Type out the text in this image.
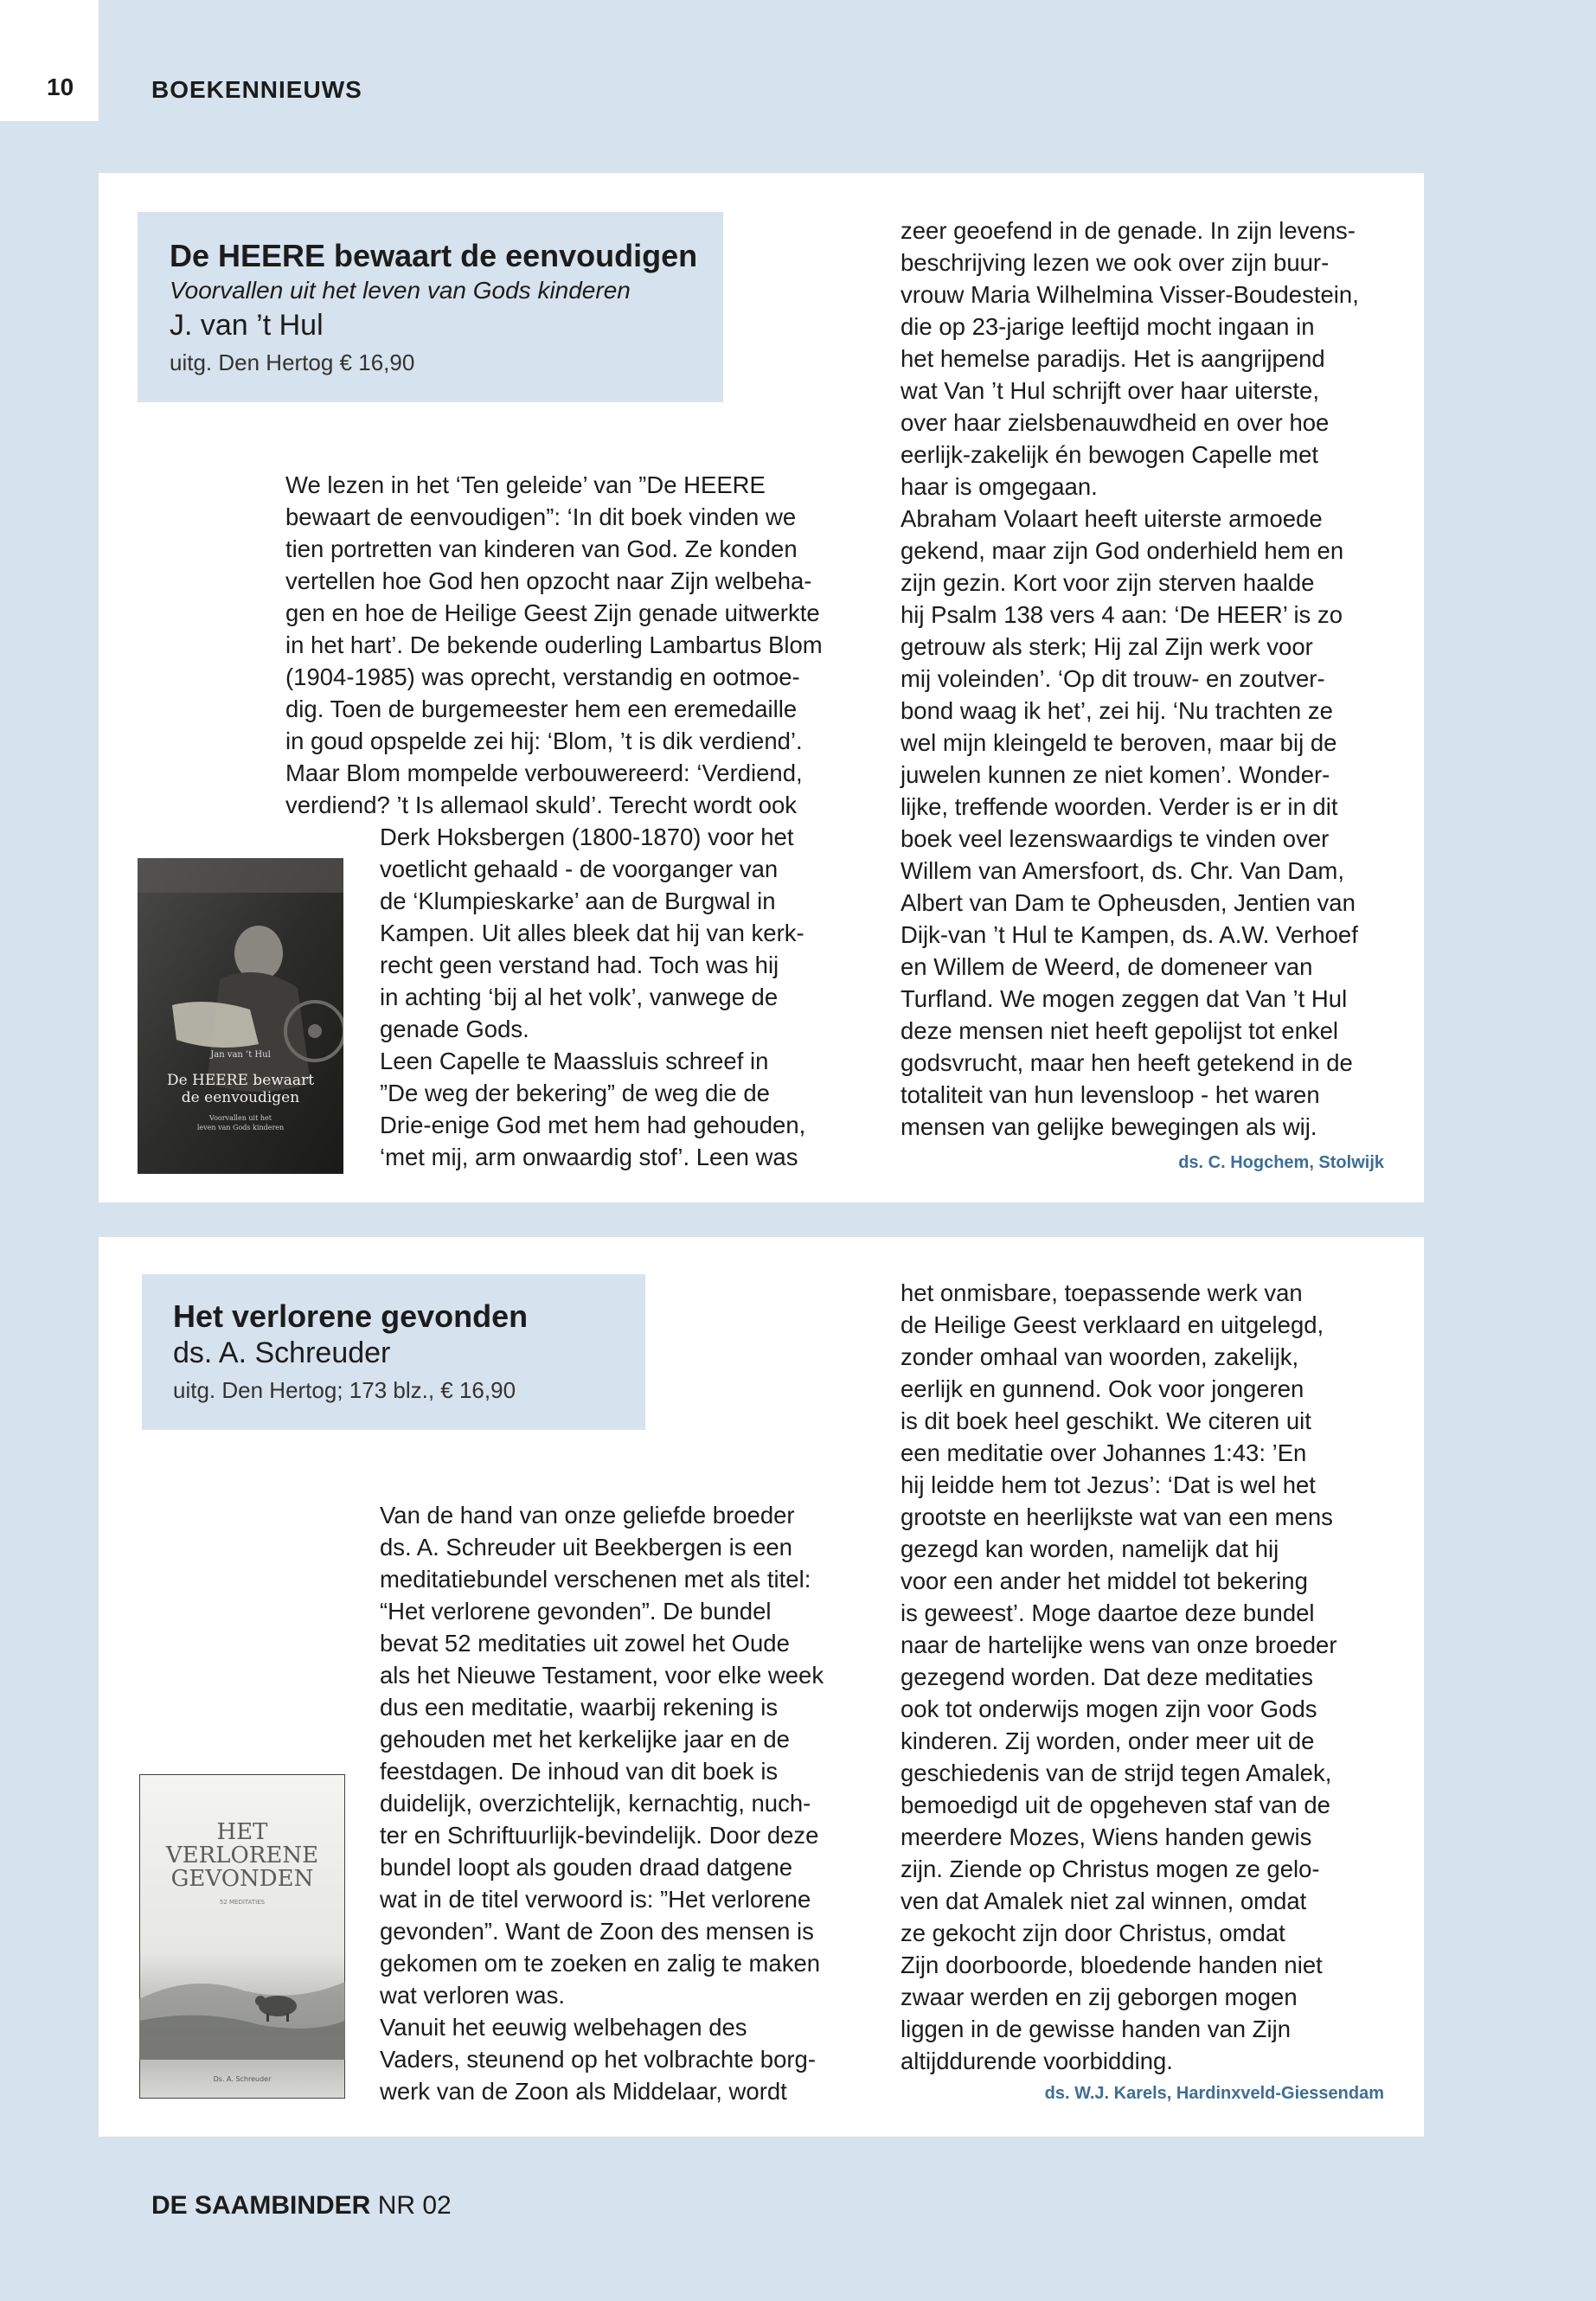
10	BOEKENNIEUWS
De HEERE bewaart de eenvoudigen
Voorvallen uit het leven van Gods kinderen
J. van ’t Hul
uitg. Den Hertog € 16,90
We lezen in het ‘Ten geleide’ van ”De HEERE
bewaart de eenvoudigen”: ‘In dit boek vinden we
tien portretten van kinderen van God. Ze konden
vertellen hoe God hen opzocht naar Zijn welbeha-
gen en hoe de Heilige Geest Zijn genade uitwerkte
in het hart’. De bekende ouderling Lambartus Blom
(1904-1985) was oprecht, verstandig en ootmoe-
dig. Toen de burgemeester hem een eremedaille
in goud opspelde zei hij: ‘Blom, ’t is dik verdiend’.
Maar Blom mompelde verbouwereerd: ‘Verdiend,
verdiend? ’t Is allemaol skuld’. Terecht wordt ook
Derk Hoksbergen (1800-1870) voor het
voetlicht gehaald - de voorganger van
de ‘Klumpieskarke’ aan de Burgwal in
Kampen. Uit alles bleek dat hij van kerk-
recht geen verstand had. Toch was hij
in achting ‘bij al het volk’, vanwege de
genade Gods.
Leen Capelle te Maassluis schreef in
”De weg der bekering” de weg die de
Drie-enige God met hem had gehouden,
‘met mij, arm onwaardig stof’. Leen was
zeer geoefend in de genade. In zijn levens-
beschrijving lezen we ook over zijn buur-
vrouw Maria Wilhelmina Visser-Boudestein,
die op 23-jarige leeftijd mocht ingaan in
het hemelse paradijs. Het is aangrijpend
wat Van ’t Hul schrijft over haar uiterste,
over haar zielsbenauwdheid en over hoe
eerlijk-zakelijk én bewogen Capelle met
haar is omgegaan.
Abraham Volaart heeft uiterste armoede
gekend, maar zijn God onderhield hem en
zijn gezin. Kort voor zijn sterven haalde
hij Psalm 138 vers 4 aan: ‘De HEER’ is zo
getrouw als sterk; Hij zal Zijn werk voor
mij voleinden’. ‘Op dit trouw- en zoutver-
bond waag ik het’, zei hij. ‘Nu trachten ze
wel mijn kleingeld te beroven, maar bij de
juwelen kunnen ze niet komen’. Wonder-
lijke, treffende woorden. Verder is er in dit
boek veel lezenswaardigs te vinden over
Willem van Amersfoort, ds. Chr. Van Dam,
Albert van Dam te Opheusden, Jentien van
Dijk-van ’t Hul te Kampen, ds. A.W. Verhoef
en Willem de Weerd, de domeneer van
Turfland. We mogen zeggen dat Van ’t Hul
deze mensen niet heeft gepolijst tot enkel
godsvrucht, maar hen heeft getekend in de
totaliteit van hun levensloop - het waren
mensen van gelijke bewegingen als wij.
ds. C. Hogchem, Stolwijk
Jan van ’t Hul
De HEERE bewaart
de eenvoudigen
Voorvallen uit het
leven van Gods kinderen
Het verlorene gevonden
ds. A. Schreuder
uitg. Den Hertog; 173 blz., € 16,90
Van de hand van onze geliefde broeder
ds. A. Schreuder uit Beekbergen is een
meditatiebundel verschenen met als titel:
“Het verlorene gevonden”. De bundel
bevat 52 meditaties uit zowel het Oude
als het Nieuwe Testament, voor elke week
dus een meditatie, waarbij rekening is
gehouden met het kerkelijke jaar en de
feestdagen. De inhoud van dit boek is
duidelijk, overzichtelijk, kernachtig, nuch-
ter en Schriftuurlijk-bevindelijk. Door deze
bundel loopt als gouden draad datgene
wat in de titel verwoord is: ”Het verlorene
gevonden”. Want de Zoon des mensen is
gekomen om te zoeken en zalig te maken
wat verloren was.
Vanuit het eeuwig welbehagen des
Vaders, steunend op het volbrachte borg-
werk van de Zoon als Middelaar, wordt
het onmisbare, toepassende werk van
de Heilige Geest verklaard en uitgelegd,
zonder omhaal van woorden, zakelijk,
eerlijk en gunnend. Ook voor jongeren
is dit boek heel geschikt. We citeren uit
een meditatie over Johannes 1:43: ’En
hij leidde hem tot Jezus’: ‘Dat is wel het
grootste en heerlijkste wat van een mens
gezegd kan worden, namelijk dat hij
voor een ander het middel tot bekering
is geweest’. Moge daartoe deze bundel
naar de hartelijke wens van onze broeder
gezegend worden. Dat deze meditaties
ook tot onderwijs mogen zijn voor Gods
kinderen. Zij worden, onder meer uit de
geschiedenis van de strijd tegen Amalek,
bemoedigd uit de opgeheven staf van de
meerdere Mozes, Wiens handen gewis
zijn. Ziende op Christus mogen ze gelo-
ven dat Amalek niet zal winnen, omdat
ze gekocht zijn door Christus, omdat
Zijn doorboorde, bloedende handen niet
zwaar werden en zij geborgen mogen
liggen in de gewisse handen van Zijn
altijddurende voorbidding.
ds. W.J. Karels, Hardinxveld-Giessendam
HET
VERLORENE
GEVONDEN
52 MEDITATIES
Ds. A. Schreuder
DE SAAMBINDER NR 02
